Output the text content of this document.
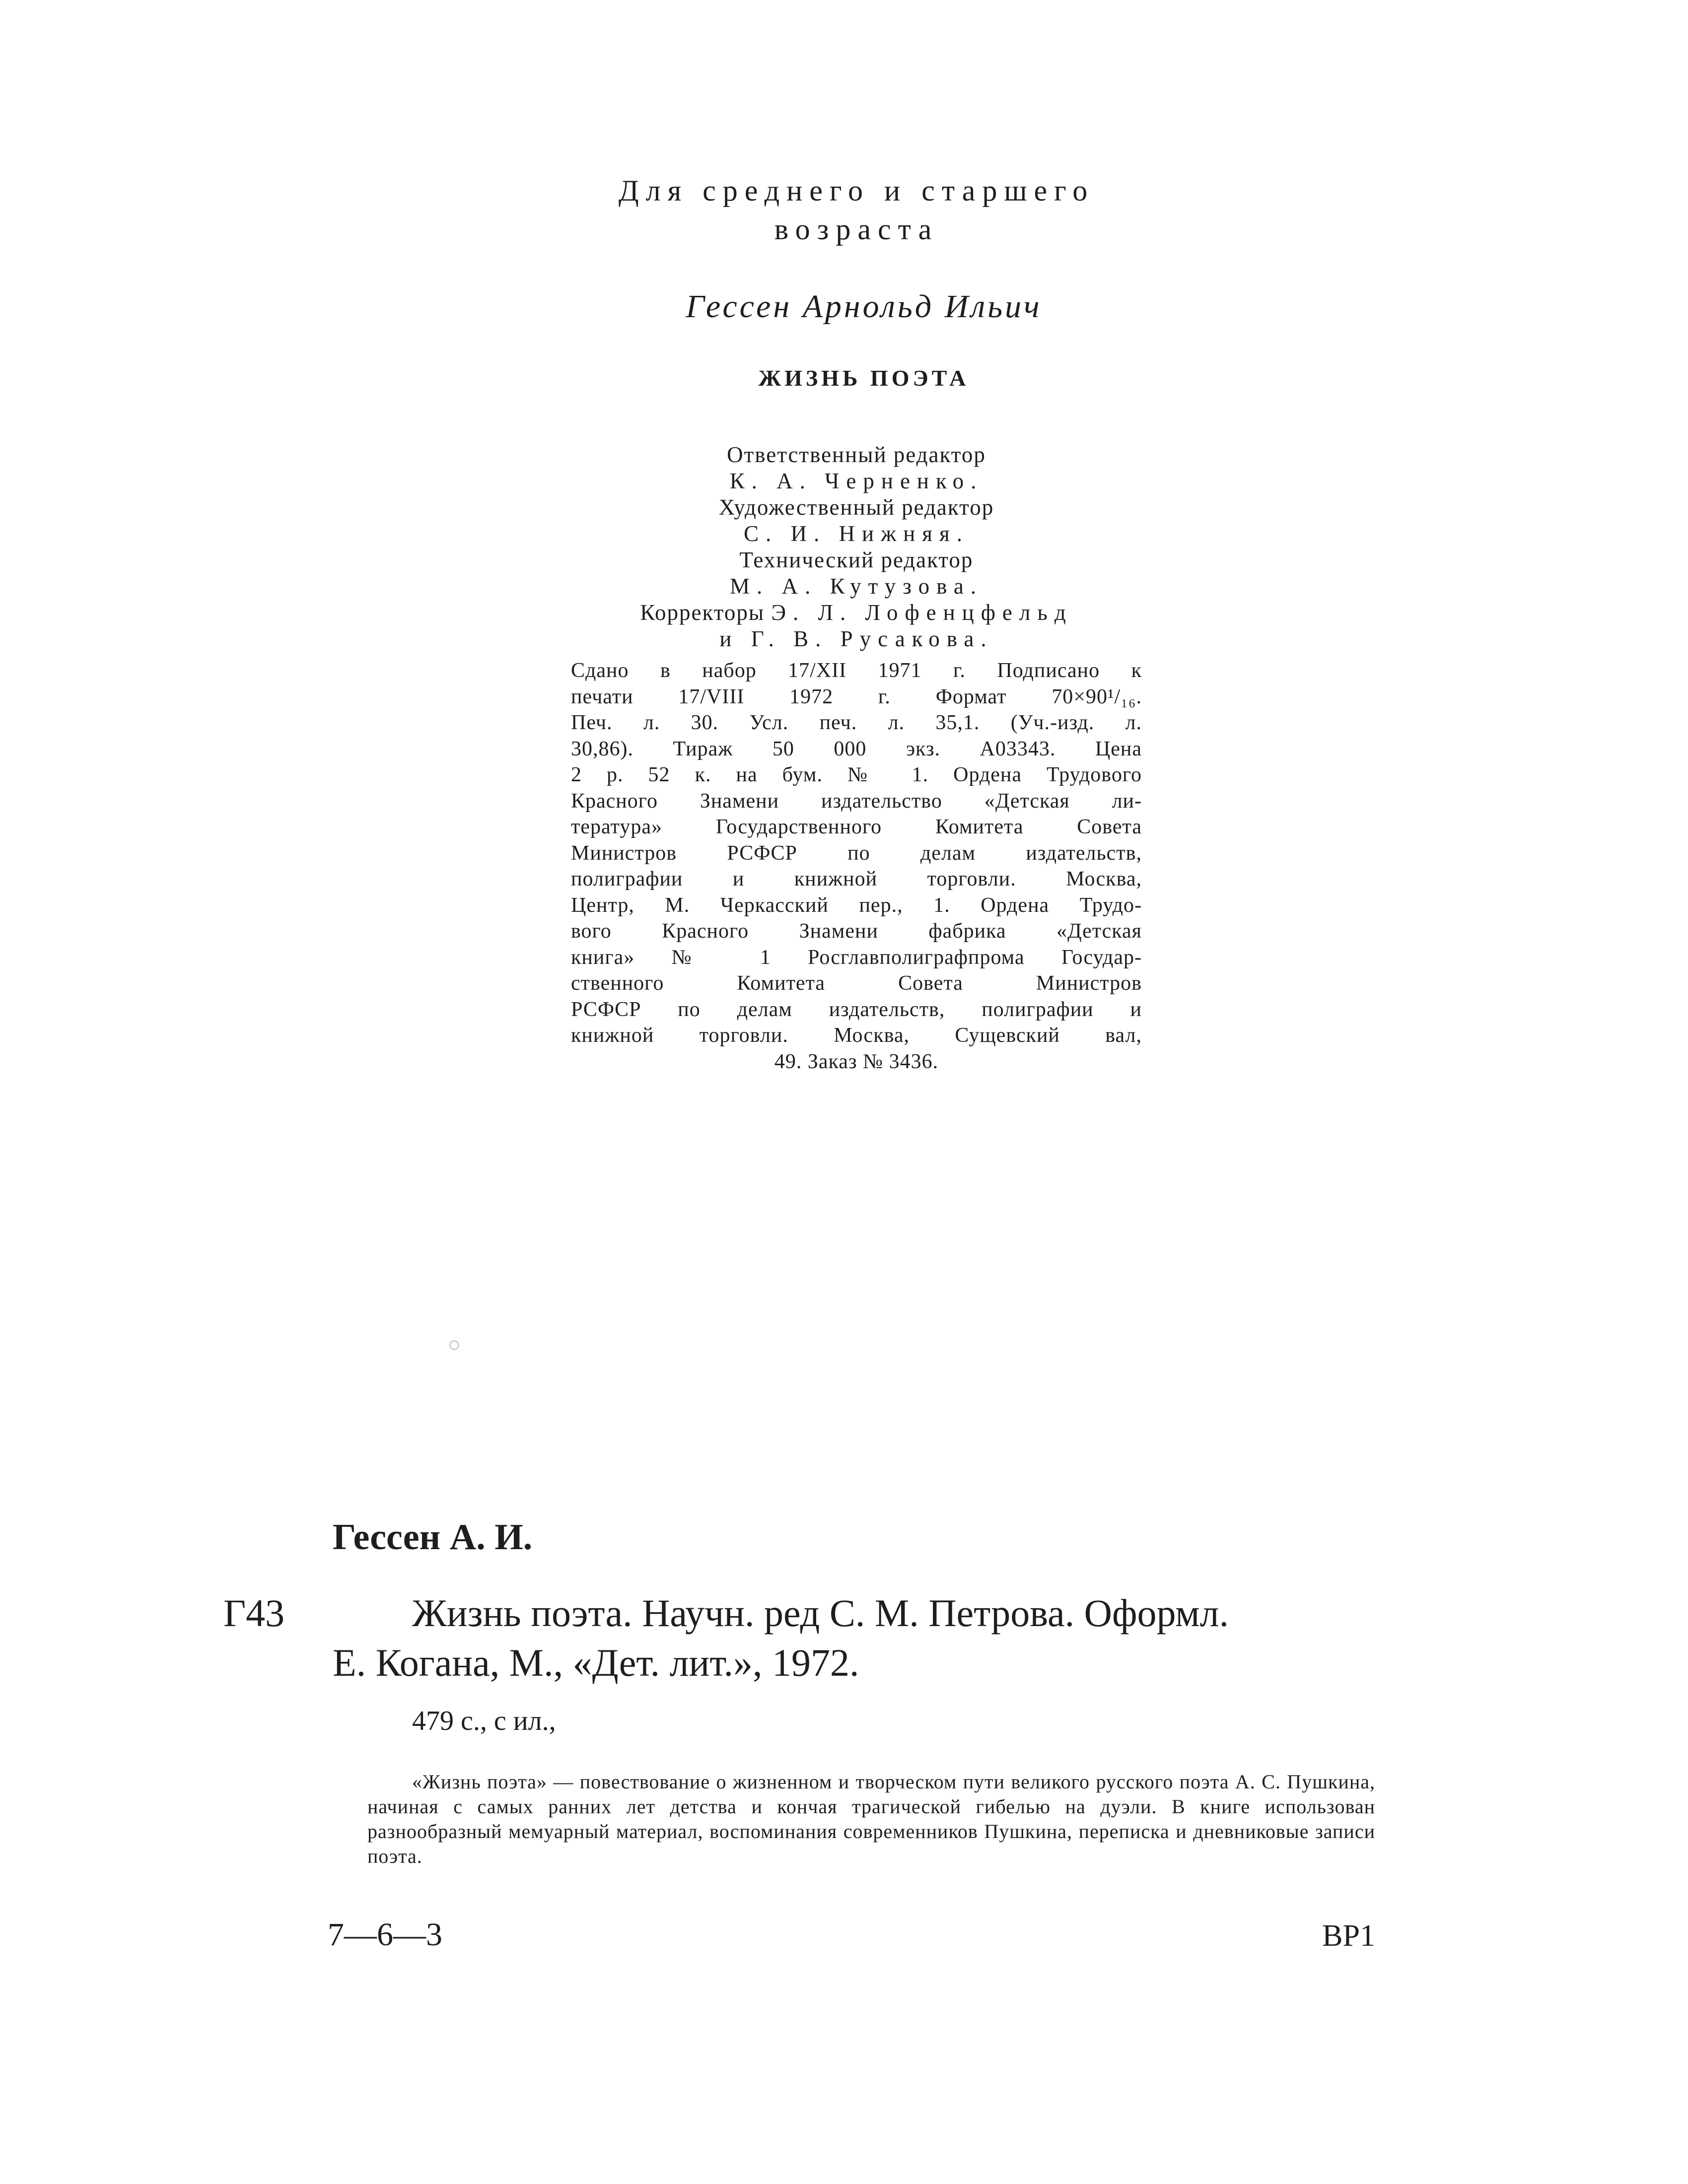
Для среднего и старшего
возраста
Гессен Арнольд Ильич
ЖИЗНЬ ПОЭТА
Ответственный редактор
К. А. Черненко.
Художественный редактор
С. И. Нижняя.
Технический редактор
М. А. Кутузова.
Корректоры Э. Л. Лофенцфельд
и Г. В. Русакова.
Сдано в набор 17/XII 1971 г. Подписано к
печати 17/VIII 1972 г. Формат 70×90¹/₁₆.
Печ. л. 30. Усл. печ. л. 35,1. (Уч.-изд. л.
30,86). Тираж 50 000 экз. А03343. Цена
2 р. 52 к. на бум. № 1. Ордена Трудового
Красного Знамени издательство «Детская ли-
тература» Государственного Комитета Совета
Министров РСФСР по делам издательств,
полиграфии и книжной торговли. Москва,
Центр, М. Черкасский пер., 1. Ордена Трудо-
вого Красного Знамени фабрика «Детская
книга» № 1 Росглавполиграфпрома Государ-
ственного Комитета Совета Министров
РСФСР по делам издательств, полиграфии и
книжной торговли. Москва, Сущевский вал,
49. Заказ № 3436.
Гессен А. И.
Г43	Жизнь поэта. Научн. ред С. М. Петрова. Оформл.
Е. Когана, М., «Дет. лит.», 1972.
479 с., с ил.,
«Жизнь поэта» — повествование о жизненном и творческом пути великого русского поэта А. С. Пушкина, начиная с самых ранних лет детства и кончая трагической гибелью на дуэли. В книге использован разнообразный мемуарный материал, воспоминания современников Пушкина, переписка и дневниковые записи поэта.
7—6—3	ВР1
